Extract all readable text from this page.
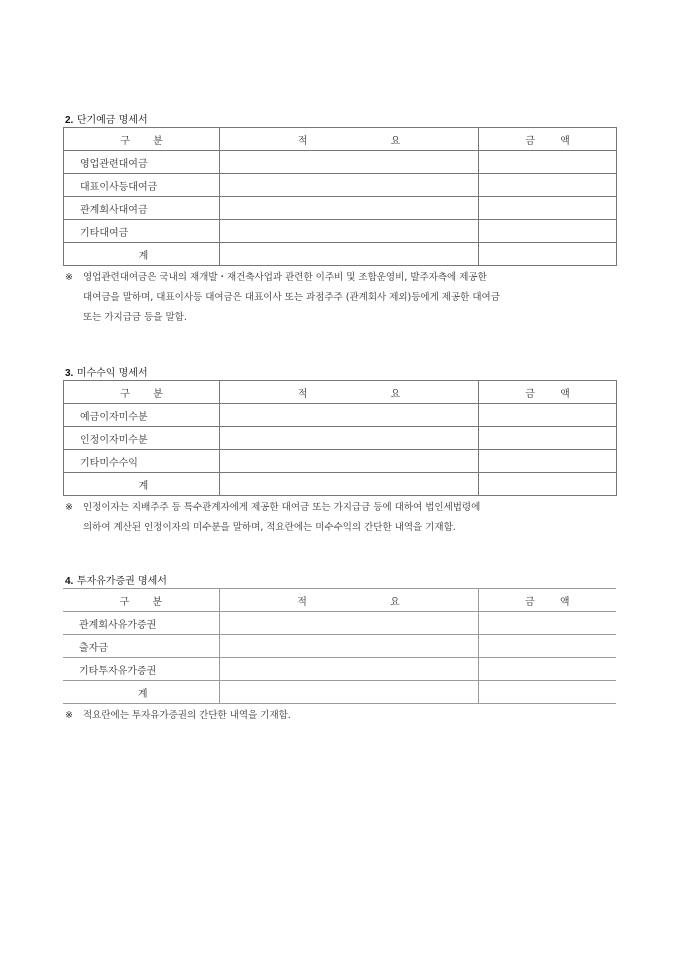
2. 단기예금 명세서
구 분	적 요	금 액
영업관련대여금		
대표이사등대여금		
관계회사대여금		
기타대여금		
계		
※ 영업관련대여금은 국내의 재개발・재건축사업과 관련한 이주비 및 조합운영비, 발주자측에 제공한
대여금을 말하며, 대표이사등 대여금은 대표이사 또는 과점주주 (관계회사 제외)등에게 제공한 대여금
또는 가지급금 등을 말함.
3. 미수수익 명세서
구 분	적 요	금 액
예금이자미수분		
인정이자미수분		
기타미수수익		
계		
※ 인정이자는 지배주주 등 특수관계자에게 제공한 대여금 또는 가지급금 등에 대하여 법인세법령에
의하여 계산된 인정이자의 미수분을 말하며, 적요란에는 미수수익의 간단한 내역을 기재함.
4. 투자유가증권 명세서
구 분	적 요	금 액
관계회사유가증권		
출자금		
기타투자유가증권		
계		
※ 적요란에는 투자유가증권의 간단한 내역을 기재함.
